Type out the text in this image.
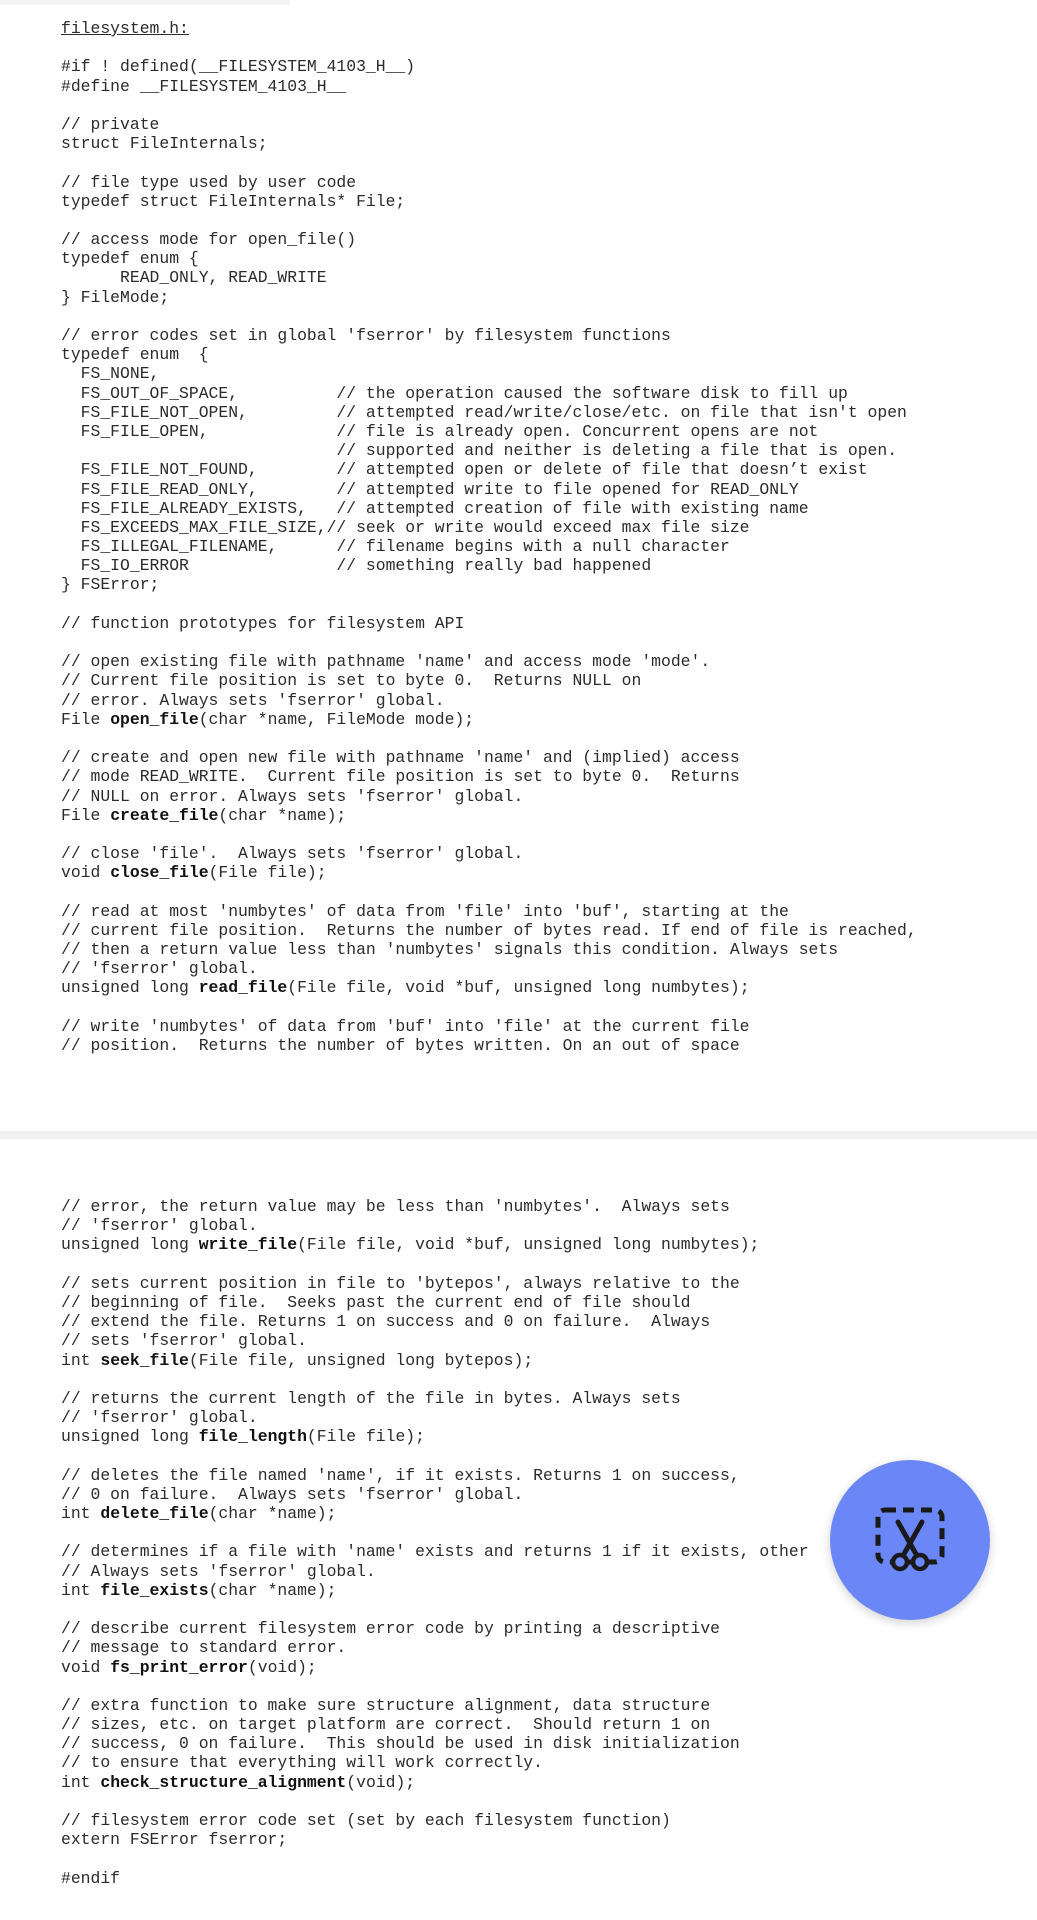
filesystem.h:
#if ! defined(__FILESYSTEM_4103_H__)
#define __FILESYSTEM_4103_H__
// private
struct FileInternals;
// file type used by user code
typedef struct FileInternals* File;
// access mode for open_file()
typedef enum {
READ_ONLY, READ_WRITE
} FileMode;
// error codes set in global 'fserror' by filesystem functions
typedef enum  {
FS_NONE,
FS_OUT_OF_SPACE,          // the operation caused the software disk to fill up
FS_FILE_NOT_OPEN,         // attempted read/write/close/etc. on file that isn't open
FS_FILE_OPEN,             // file is already open. Concurrent opens are not
// supported and neither is deleting a file that is open.
FS_FILE_NOT_FOUND,        // attempted open or delete of file that doesn’t exist
FS_FILE_READ_ONLY,        // attempted write to file opened for READ_ONLY
FS_FILE_ALREADY_EXISTS,   // attempted creation of file with existing name
FS_EXCEEDS_MAX_FILE_SIZE,// seek or write would exceed max file size
FS_ILLEGAL_FILENAME,      // filename begins with a null character
FS_IO_ERROR               // something really bad happened
} FSError;
// function prototypes for filesystem API
// open existing file with pathname 'name' and access mode 'mode'.
// Current file position is set to byte 0.  Returns NULL on
// error. Always sets 'fserror' global.
File open_file(char *name, FileMode mode);
// create and open new file with pathname 'name' and (implied) access
// mode READ_WRITE.  Current file position is set to byte 0.  Returns
// NULL on error. Always sets 'fserror' global.
File create_file(char *name);
// close 'file'.  Always sets 'fserror' global.
void close_file(File file);
// read at most 'numbytes' of data from 'file' into 'buf', starting at the
// current file position.  Returns the number of bytes read. If end of file is reached,
// then a return value less than 'numbytes' signals this condition. Always sets
// 'fserror' global.
unsigned long read_file(File file, void *buf, unsigned long numbytes);
// write 'numbytes' of data from 'buf' into 'file' at the current file
// position.  Returns the number of bytes written. On an out of space
// error, the return value may be less than 'numbytes'.  Always sets
// 'fserror' global.
unsigned long write_file(File file, void *buf, unsigned long numbytes);
// sets current position in file to 'bytepos', always relative to the
// beginning of file.  Seeks past the current end of file should
// extend the file. Returns 1 on success and 0 on failure.  Always
// sets 'fserror' global.
int seek_file(File file, unsigned long bytepos);
// returns the current length of the file in bytes. Always sets
// 'fserror' global.
unsigned long file_length(File file);
// deletes the file named 'name', if it exists. Returns 1 on success,
// 0 on failure.  Always sets 'fserror' global.
int delete_file(char *name);
// determines if a file with 'name' exists and returns 1 if it exists, other
// Always sets 'fserror' global.
int file_exists(char *name);
// describe current filesystem error code by printing a descriptive
// message to standard error.
void fs_print_error(void);
// extra function to make sure structure alignment, data structure
// sizes, etc. on target platform are correct.  Should return 1 on
// success, 0 on failure.  This should be used in disk initialization
// to ensure that everything will work correctly.
int check_structure_alignment(void);
// filesystem error code set (set by each filesystem function)
extern FSError fserror;
#endif
